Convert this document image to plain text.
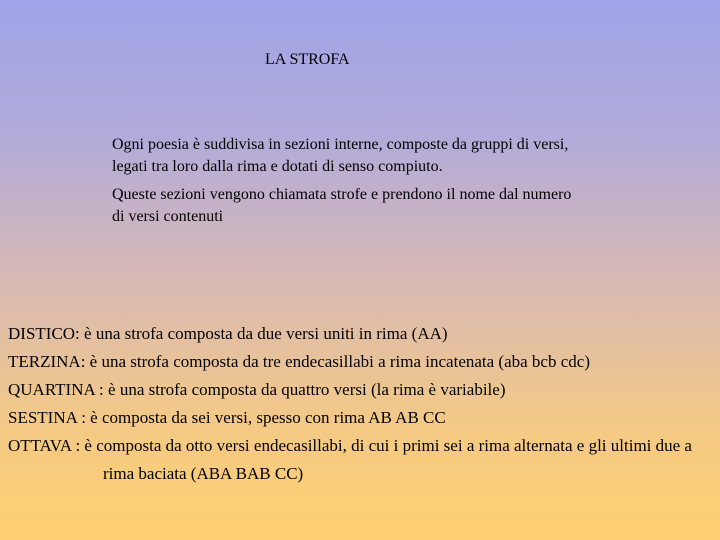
LA STROFA

Ogni poesia è suddivisa in sezioni interne, composte da gruppi di versi, legati tra loro dalla rima e dotati di senso compiuto.

Queste sezioni vengono chiamata strofe e prendono il nome dal numero di versi contenuti

DISTICO: è una strofa composta da due versi uniti in rima (AA)
TERZINA: è una strofa composta da tre endecasillabi a rima incatenata (aba bcb cdc)
QUARTINA : è una strofa composta da quattro versi (la rima è variabile)
SESTINA : è composta da sei versi, spesso con rima AB AB CC
OTTAVA : è composta da otto versi endecasillabi, di cui i primi sei a rima alternata e gli ultimi due a rima baciata (ABA BAB CC)
